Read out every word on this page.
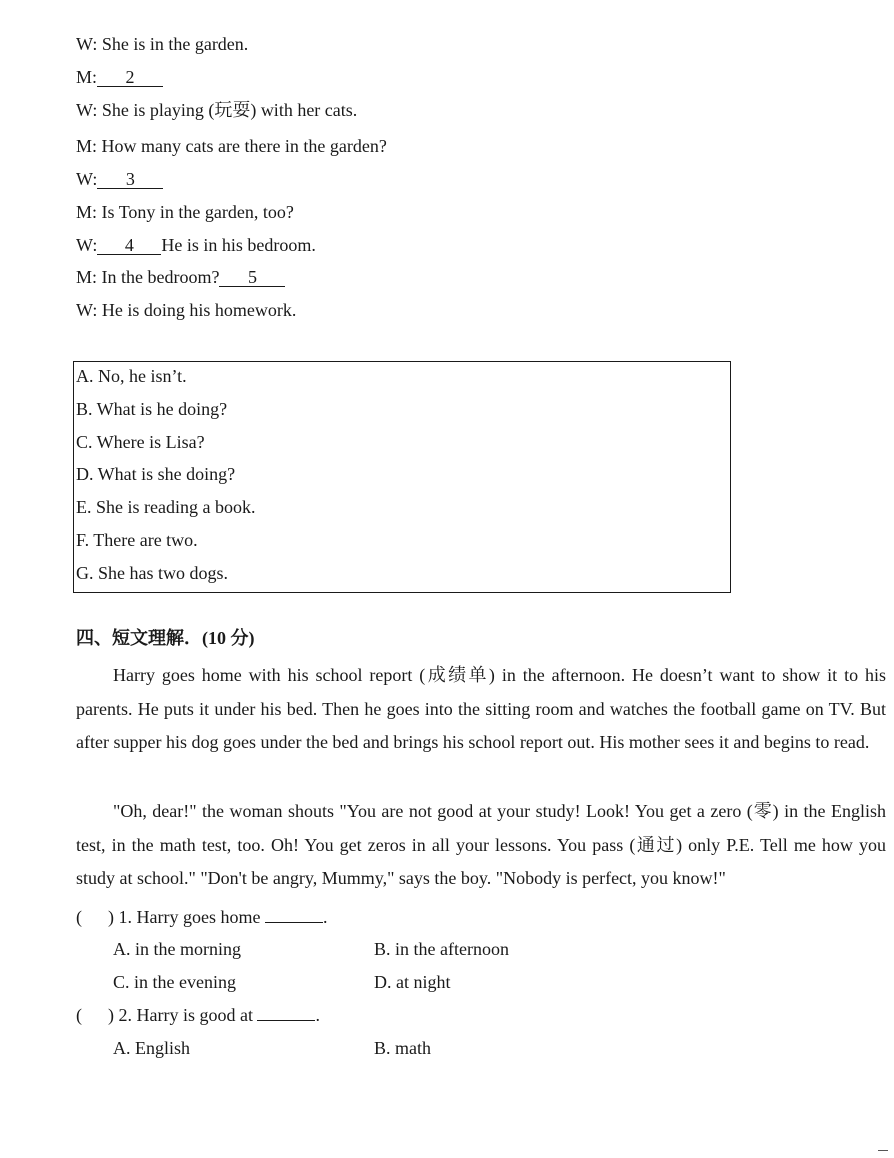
W: She is in the garden.
M: 2
W: She is playing (玩耍) with her cats.
M: How many cats are there in the garden?
W: 3
M: Is Tony in the garden, too?
W: 4 He is in his bedroom.
M: In the bedroom? 5
W: He is doing his homework.
A. No, he isn’t.
B. What is he doing?
C. Where is Lisa?
D. What is she doing?
E. She is reading a book.
F. There are two.
G. She has two dogs.
四、短文理解．(10 分)

Harry goes home with his school report (成绩单) in the afternoon. He doesn’t want to show it to his parents. He puts it under his bed. Then he goes into the sitting room and watches the football game on TV. But after supper his dog goes under the bed and brings his school report out. His mother sees it and begins to read.

"Oh, dear!" the woman shouts "You are not good at your study! Look! You get a zero (零) in the English test, in the math test, too. Oh! You get zeros in all your lessons. You pass (通过) only P.E. Tell me how you study at school." "Don't be angry, Mummy," says the boy. "Nobody is perfect, you know!"

( ) 1. Harry goes home	.
A. in the morning	B. in the afternoon
C. in the evening	D. at night
( ) 2. Harry is good at	.
A. English	B. math
